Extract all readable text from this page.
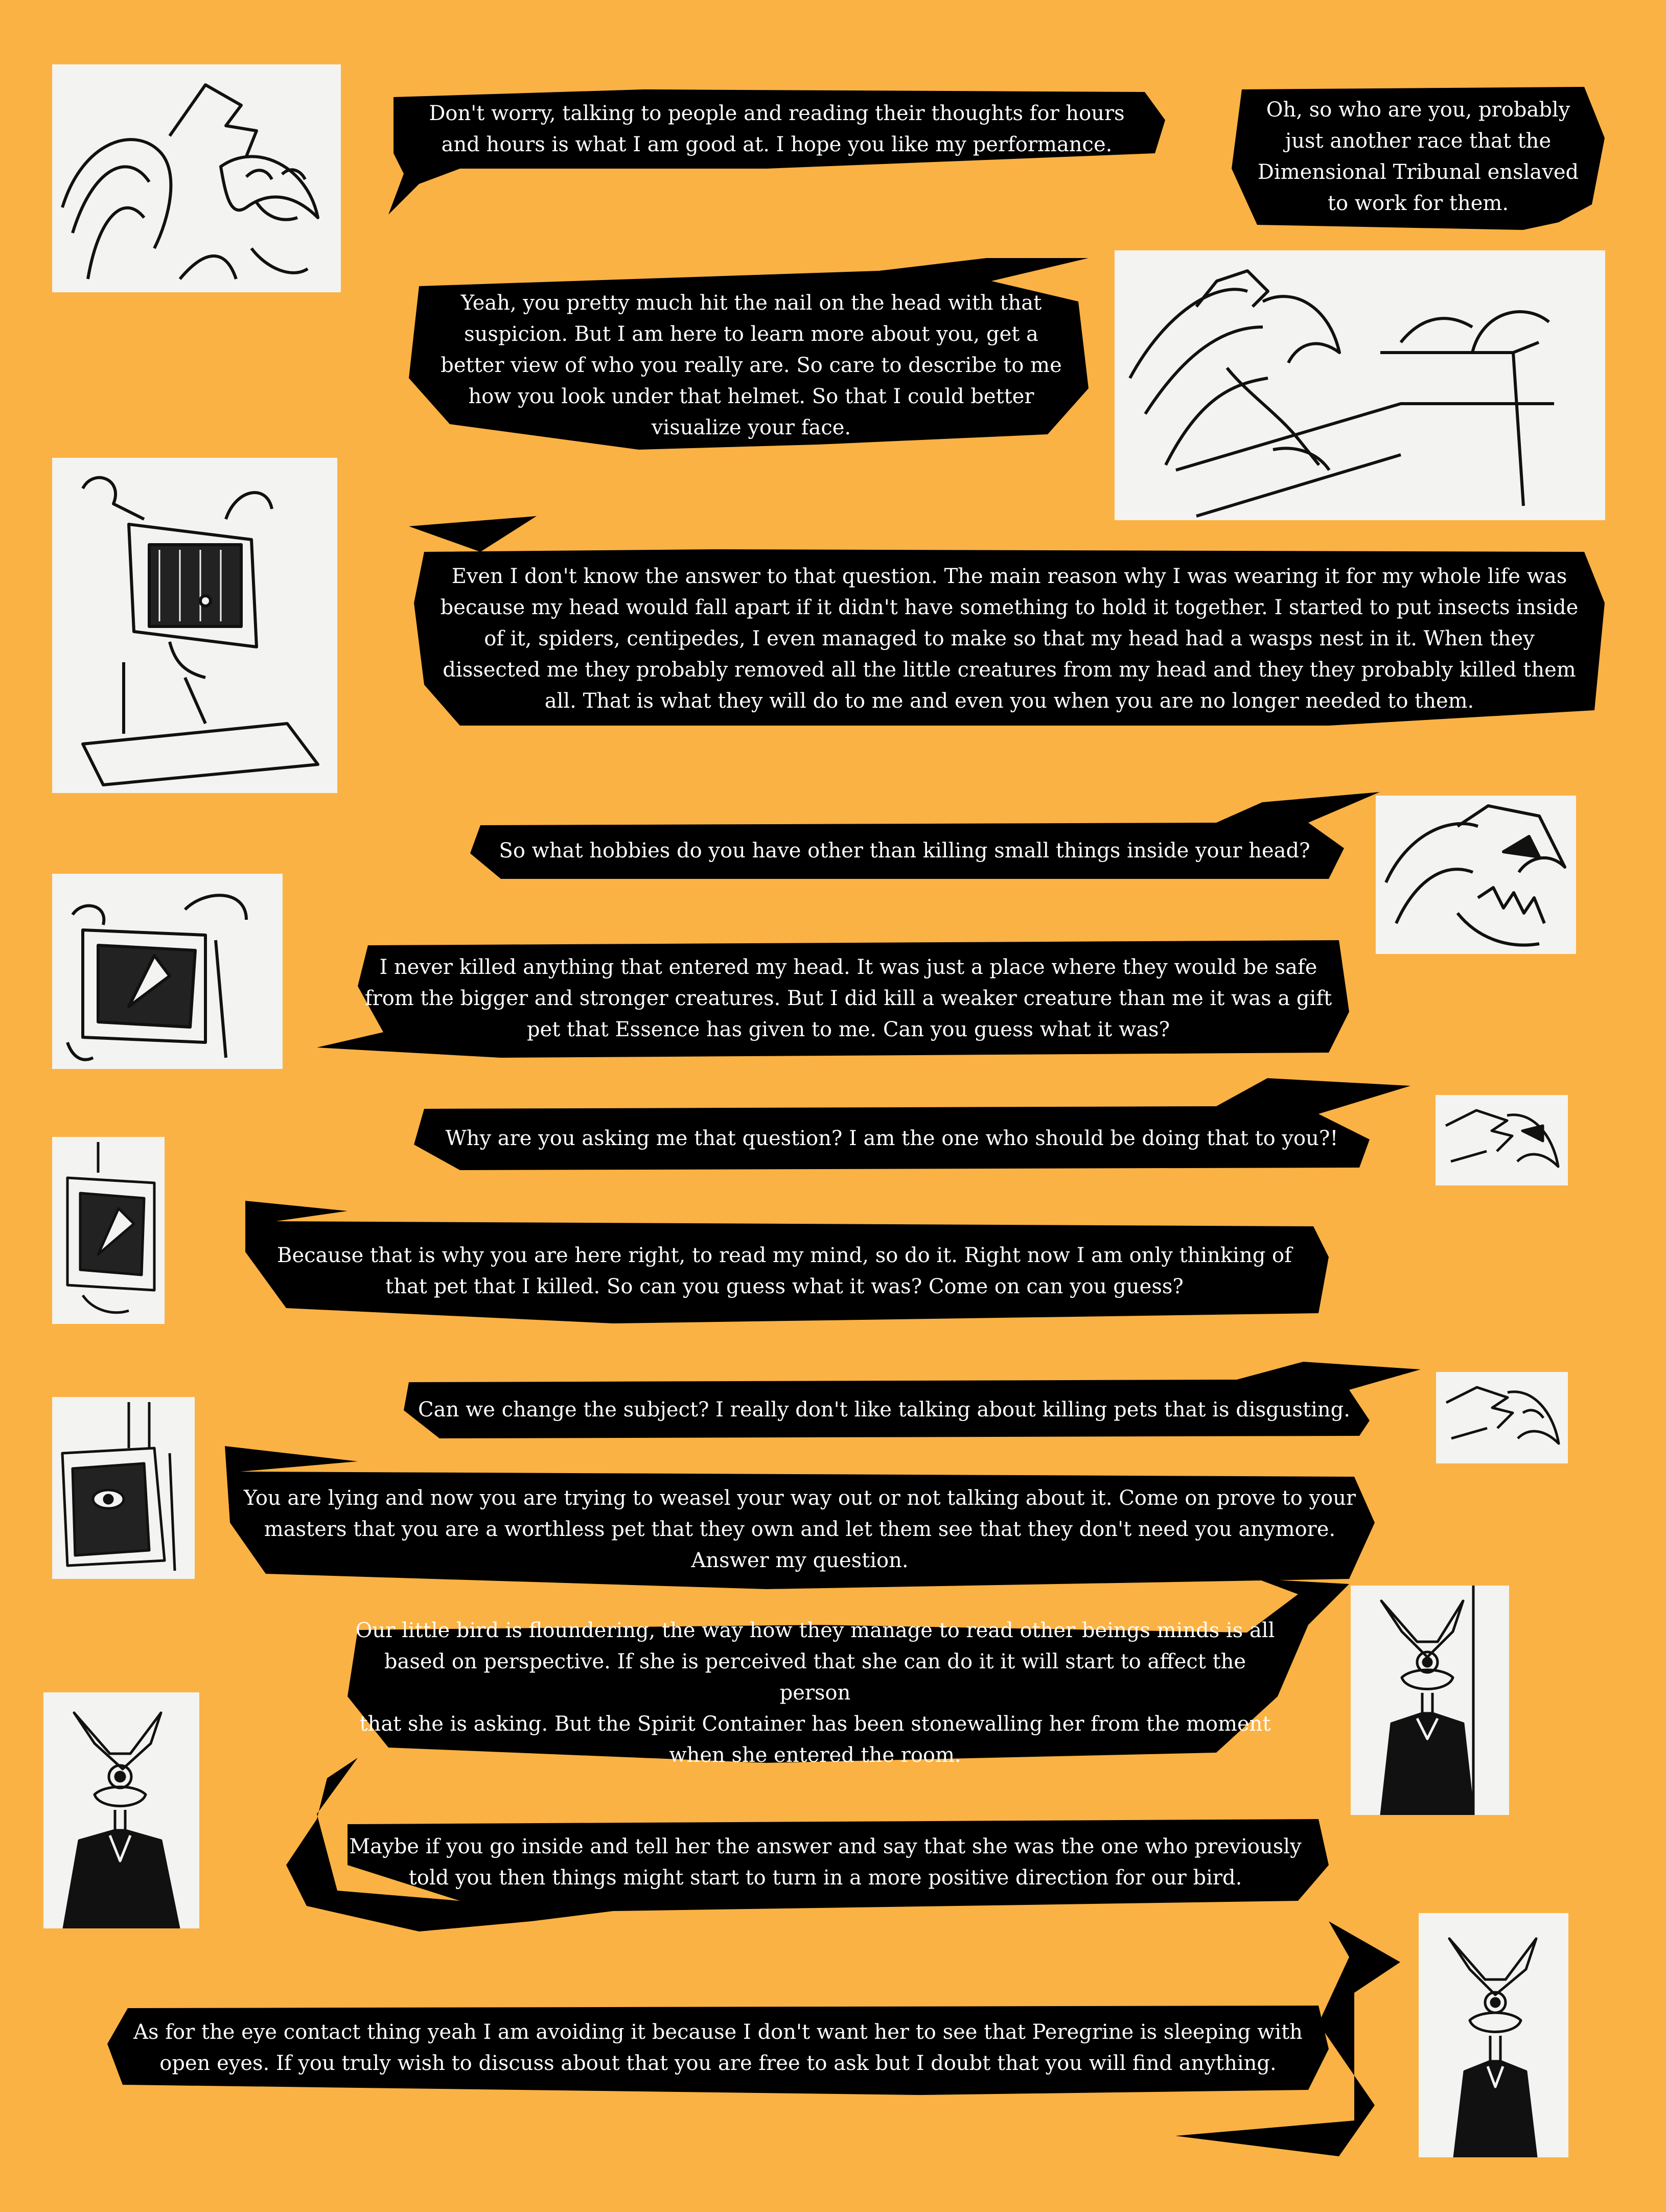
Don't worry, talking to people and reading their thoughts for hours
and hours is what I am good at. I hope you like my performance.
Oh, so who are you, probably
just another race that the
Dimensional Tribunal enslaved
to work for them.
Yeah, you pretty much hit the nail on the head with that
suspicion. But I am here to learn more about you, get a
better view of who you really are. So care to describe to me
how you look under that helmet. So that I could better
visualize your face.
Even I don't know the answer to that question. The main reason why I was wearing it for my whole life was
because my head would fall apart if it didn't have something to hold it together. I started to put insects inside
of it, spiders, centipedes, I even managed to make so that my head had a wasps nest in it. When they
dissected me they probably removed all the little creatures from my head and they they probably killed them
all. That is what they will do to me and even you when you are no longer needed to them.
So what hobbies do you have other than killing small things inside your head?
I never killed anything that entered my head. It was just a place where they would be safe
from the bigger and stronger creatures. But I did kill a weaker creature than me it was a gift
pet that Essence has given to me. Can you guess what it was?
Why are you asking me that question? I am the one who should be doing that to you?!
Because that is why you are here right, to read my mind, so do it. Right now I am only thinking of
that pet that I killed. So can you guess what it was? Come on can you guess?
Can we change the subject? I really don't like talking about killing pets that is disgusting.
You are lying and now you are trying to weasel your way out or not talking about it. Come on prove to your
masters that you are a worthless pet that they own and let them see that they don't need you anymore.
Answer my question.
Our little bird is floundering, the way how they manage to read other beings minds is all
based on perspective. If she is perceived that she can do it it will start to affect the person
that she is asking. But the Spirit Container has been stonewalling her from the moment
when she entered the room.
Maybe if you go inside and tell her the answer and say that she was the one who previously
told you then things might start to turn in a more positive direction for our bird.
As for the eye contact thing yeah I am avoiding it because I don't want her to see that Peregrine is sleeping with
open eyes. If you truly wish to discuss about that you are free to ask but I doubt that you will find anything.
